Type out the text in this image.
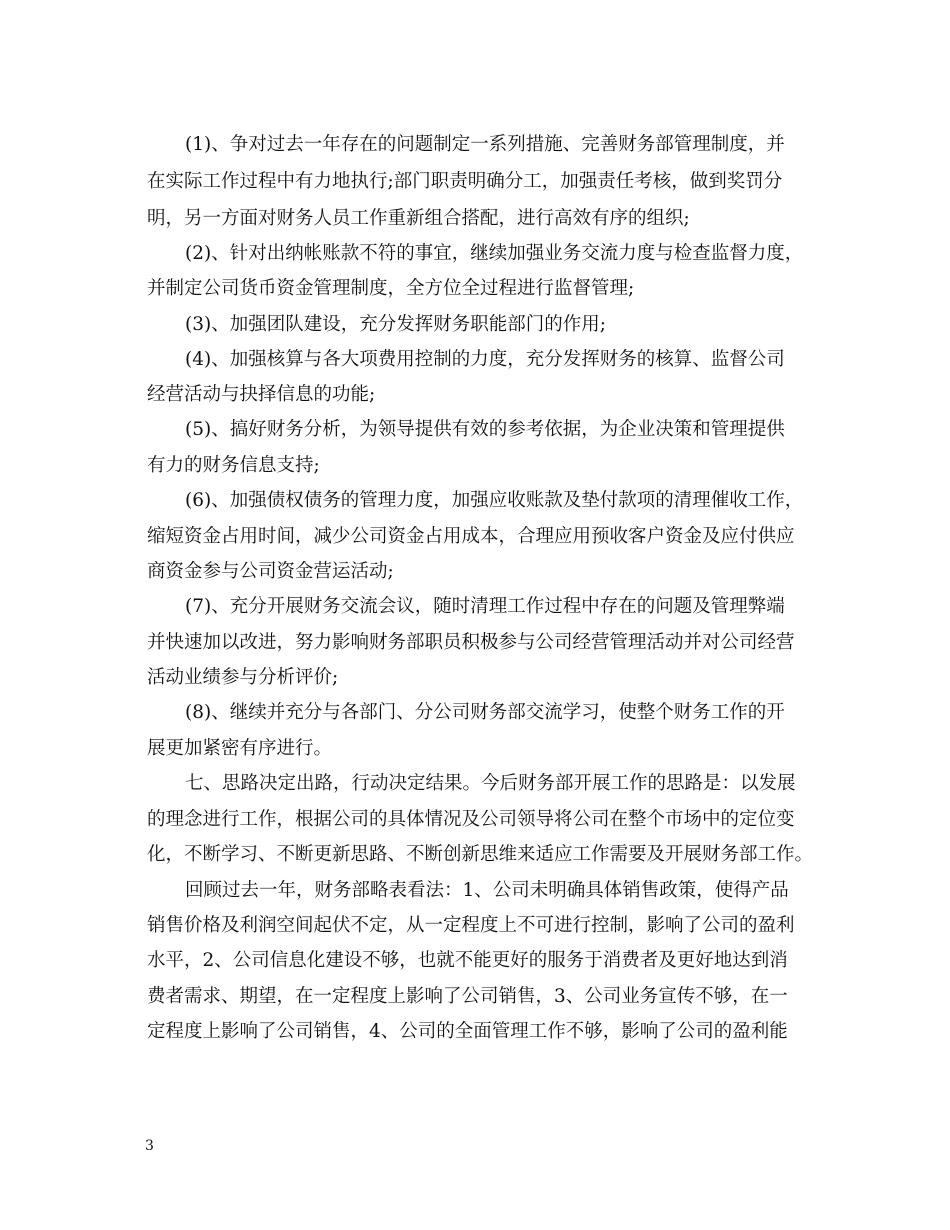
(1)、争对过去一年存在的问题制定一系列措施、完善财务部管理制度，并
在实际工作过程中有力地执行;部门职责明确分工，加强责任考核，做到奖罚分
明，另一方面对财务人员工作重新组合搭配，进行高效有序的组织;
(2)、针对出纳帐账款不符的事宜，继续加强业务交流力度与检查监督力度，
并制定公司货币资金管理制度，全方位全过程进行监督管理;
(3)、加强团队建设，充分发挥财务职能部门的作用;
(4)、加强核算与各大项费用控制的力度，充分发挥财务的核算、监督公司
经营活动与抉择信息的功能;
(5)、搞好财务分析，为领导提供有效的参考依据，为企业决策和管理提供
有力的财务信息支持;
(6)、加强债权债务的管理力度，加强应收账款及垫付款项的清理催收工作，
缩短资金占用时间，减少公司资金占用成本，合理应用预收客户资金及应付供应
商资金参与公司资金营运活动;
(7)、充分开展财务交流会议，随时清理工作过程中存在的问题及管理弊端
并快速加以改进，努力影响财务部职员积极参与公司经营管理活动并对公司经营
活动业绩参与分析评价;
(8)、继续并充分与各部门、分公司财务部交流学习，使整个财务工作的开
展更加紧密有序进行。
七、思路决定出路，行动决定结果。今后财务部开展工作的思路是：以发展
的理念进行工作，根据公司的具体情况及公司领导将公司在整个市场中的定位变
化，不断学习、不断更新思路、不断创新思维来适应工作需要及开展财务部工作。
回顾过去一年，财务部略表看法：1、公司未明确具体销售政策，使得产品
销售价格及利润空间起伏不定，从一定程度上不可进行控制，影响了公司的盈利
水平，2、公司信息化建设不够，也就不能更好的服务于消费者及更好地达到消
费者需求、期望，在一定程度上影响了公司销售，3、公司业务宣传不够，在一
定程度上影响了公司销售，4、公司的全面管理工作不够，影响了公司的盈利能
3
